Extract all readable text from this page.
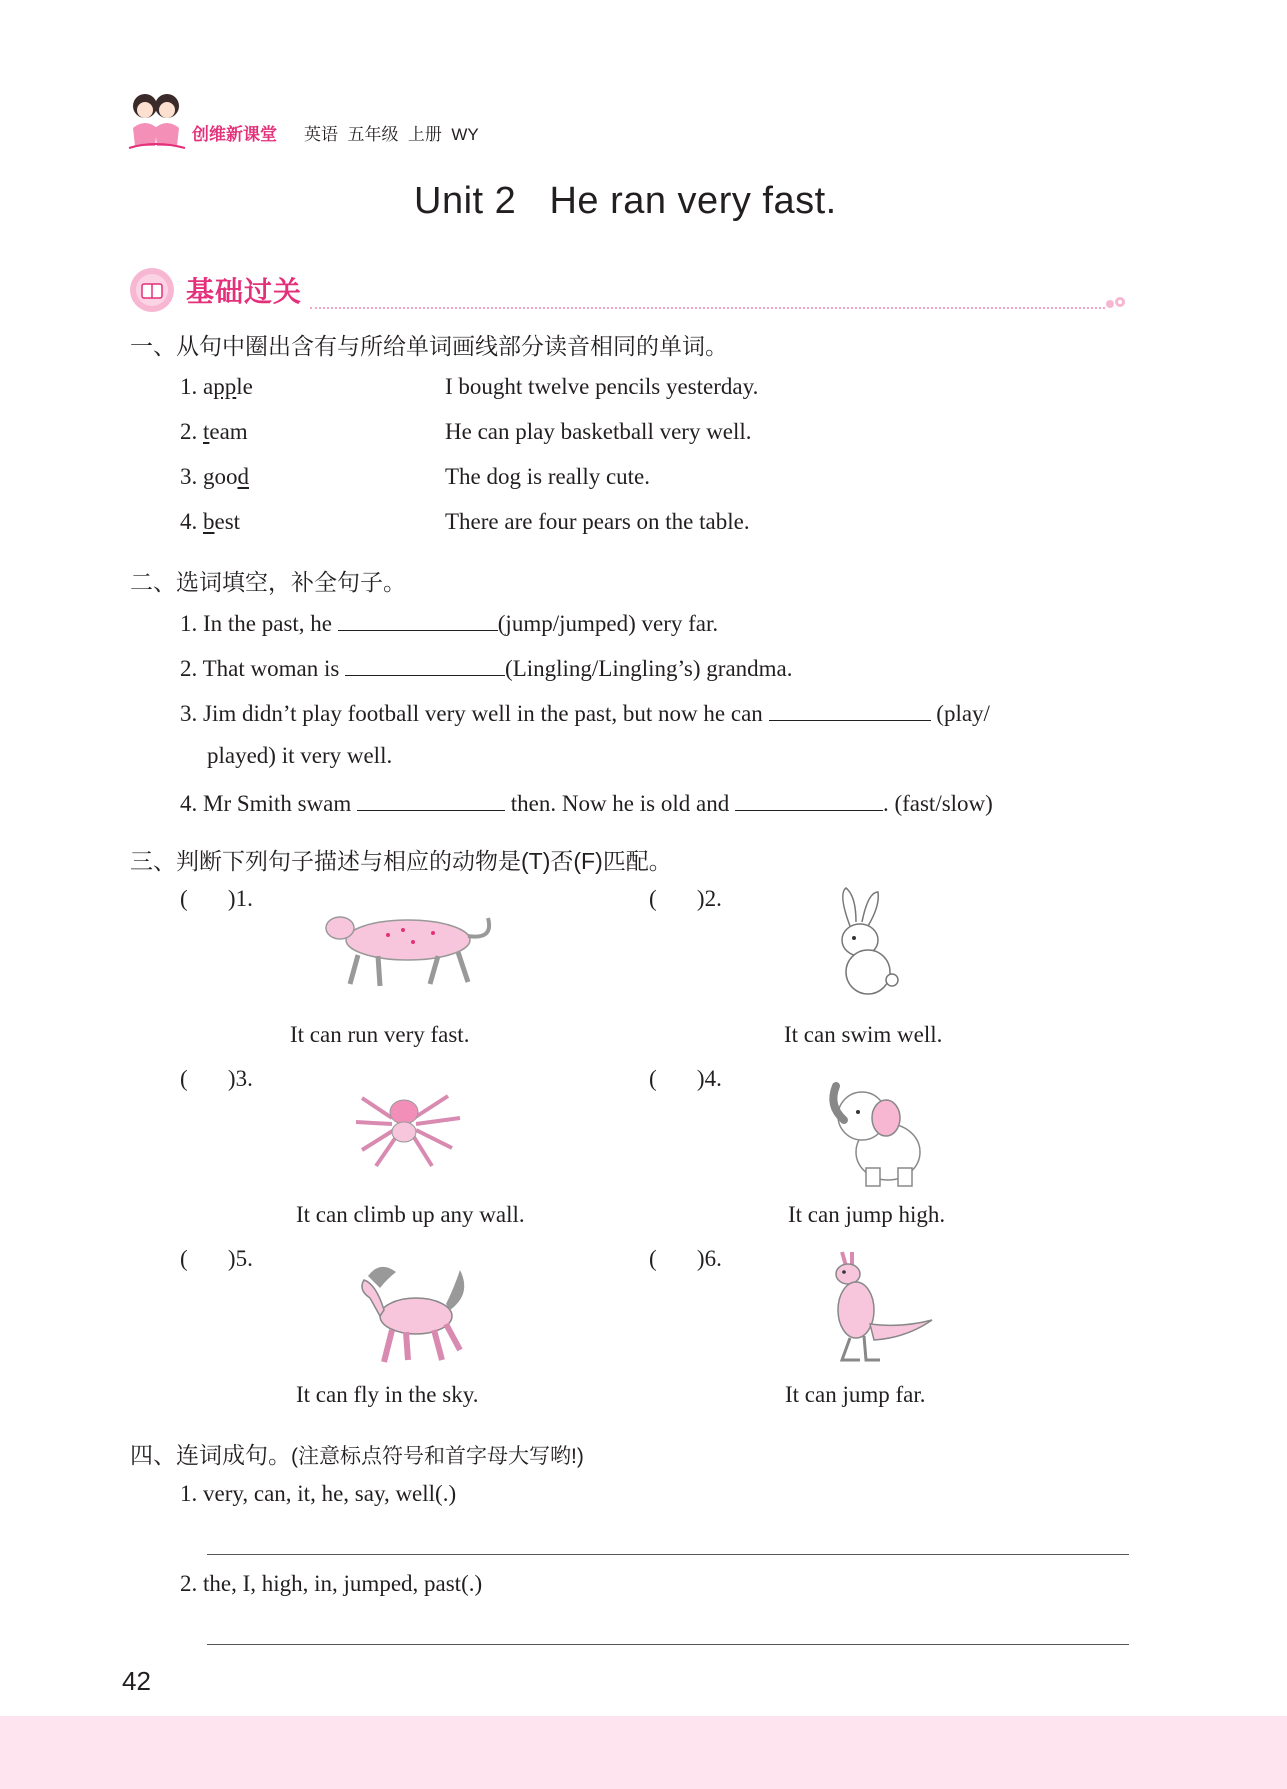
创维新课堂 英语 五年级 上册 WY
Unit 2   He ran very fast.
基础过关
一、从句中圈出含有与所给单词画线部分读音相同的单词。
1. apple	I bought twelve pencils yesterday.
2. team	He can play basketball very well.
3. good	The dog is really cute.
4. best	There are four pears on the table.
二、选词填空，补全句子。
1. In the past, he	(jump/jumped) very far.
2. That woman is	(Lingling/Lingling’s) grandma.
3. Jim didn’t play football very well in the past, but now he can	(play/
played) it very well.
4. Mr Smith swam	then. Now he is old and	. (fast/slow)
三、判断下列句子描述与相应的动物是(T)否(F)匹配。
(       )1.
It can run very fast.
(       )2.
It can swim well.
(       )3.
It can climb up any wall.
(       )4.
It can jump high.
(       )5.
It can fly in the sky.
(       )6.
It can jump far.
四、连词成句。(注意标点符号和首字母大写哟!)
1. very, can, it, he, say, well(.)
2. the, I, high, in, jumped, past(.)
42
